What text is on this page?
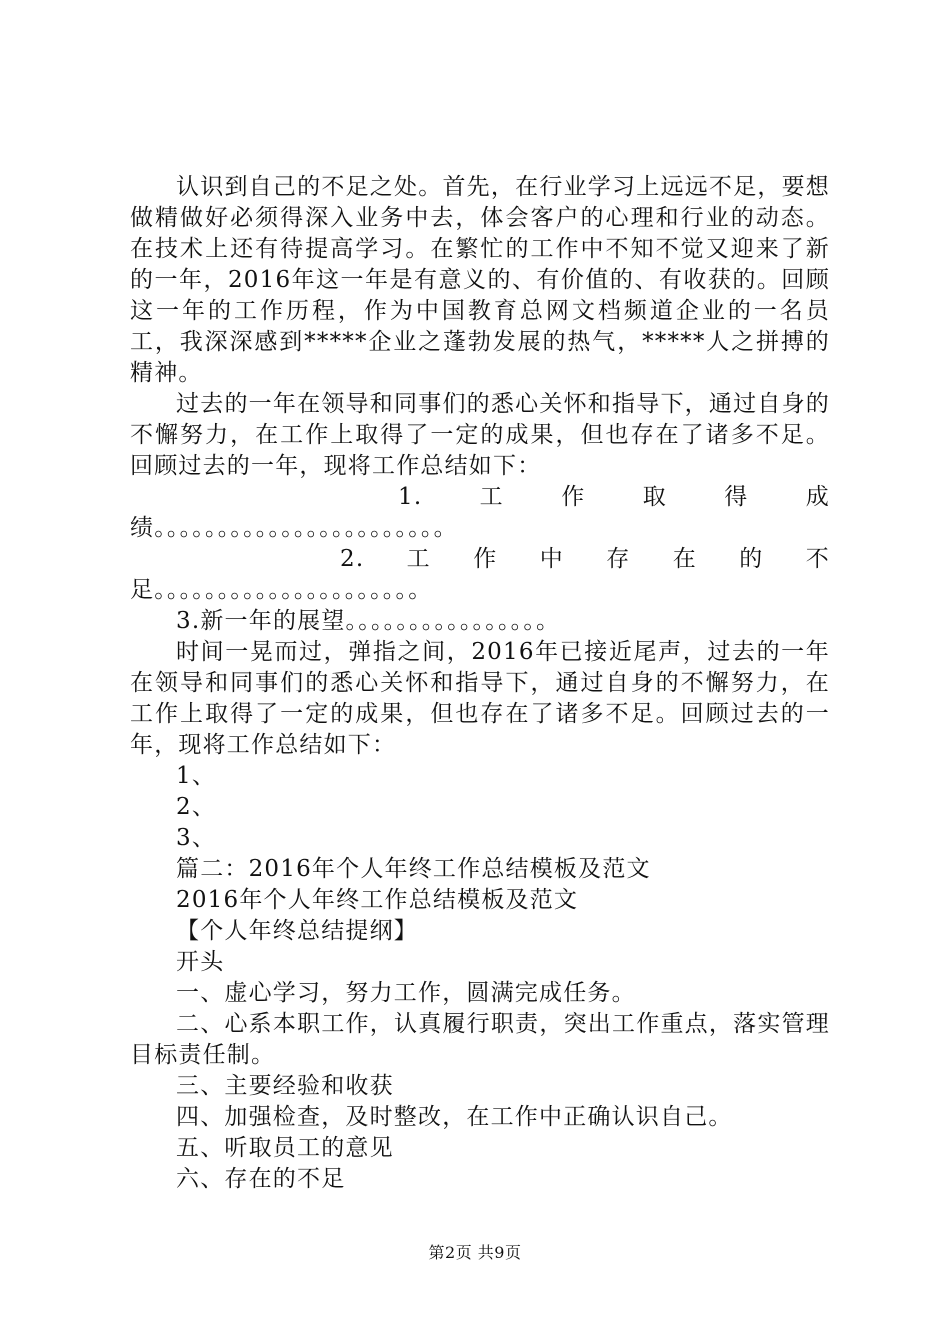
认识到自己的不足之处。首先，在行业学习上远远不足，要想做精做好必须得深入业务中去，体会客户的心理和行业的动态。在技术上还有待提高学习。在繁忙的工作中不知不觉又迎来了新的一年，2016年这一年是有意义的、有价值的、有收获的。回顾这一年的工作历程，作为中国教育总网文档频道企业的一名员工，我深深感到*****企业之蓬勃发展的热气，*****人之拼搏的精神。

过去的一年在领导和同事们的悉心关怀和指导下，通过自身的不懈努力，在工作上取得了一定的成果，但也存在了诸多不足。回顾过去的一年，现将工作总结如下：

1. 工 作 取 得 成

绩。。。。。。。。。。。。。。。。。。。。。。。

2. 工 作 中 存 在 的 不

足。。。。。。。。。。。。。。。。。。。。。

3.新一年的展望。。。。。。。。。。。。。。。。

时间一晃而过，弹指之间，2016年已接近尾声，过去的一年在领导和同事们的悉心关怀和指导下，通过自身的不懈努力，在工作上取得了一定的成果，但也存在了诸多不足。回顾过去的一年，现将工作总结如下：

1、

2、

3、

篇二：2016年个人年终工作总结模板及范文

2016年个人年终工作总结模板及范文

【个人年终总结提纲】

开头

一、虚心学习，努力工作，圆满完成任务。

二、心系本职工作，认真履行职责，突出工作重点，落实管理目标责任制。

三、主要经验和收获

四、加强检查，及时整改，在工作中正确认识自己。

五、听取员工的意见

六、存在的不足

第2页 共9页
